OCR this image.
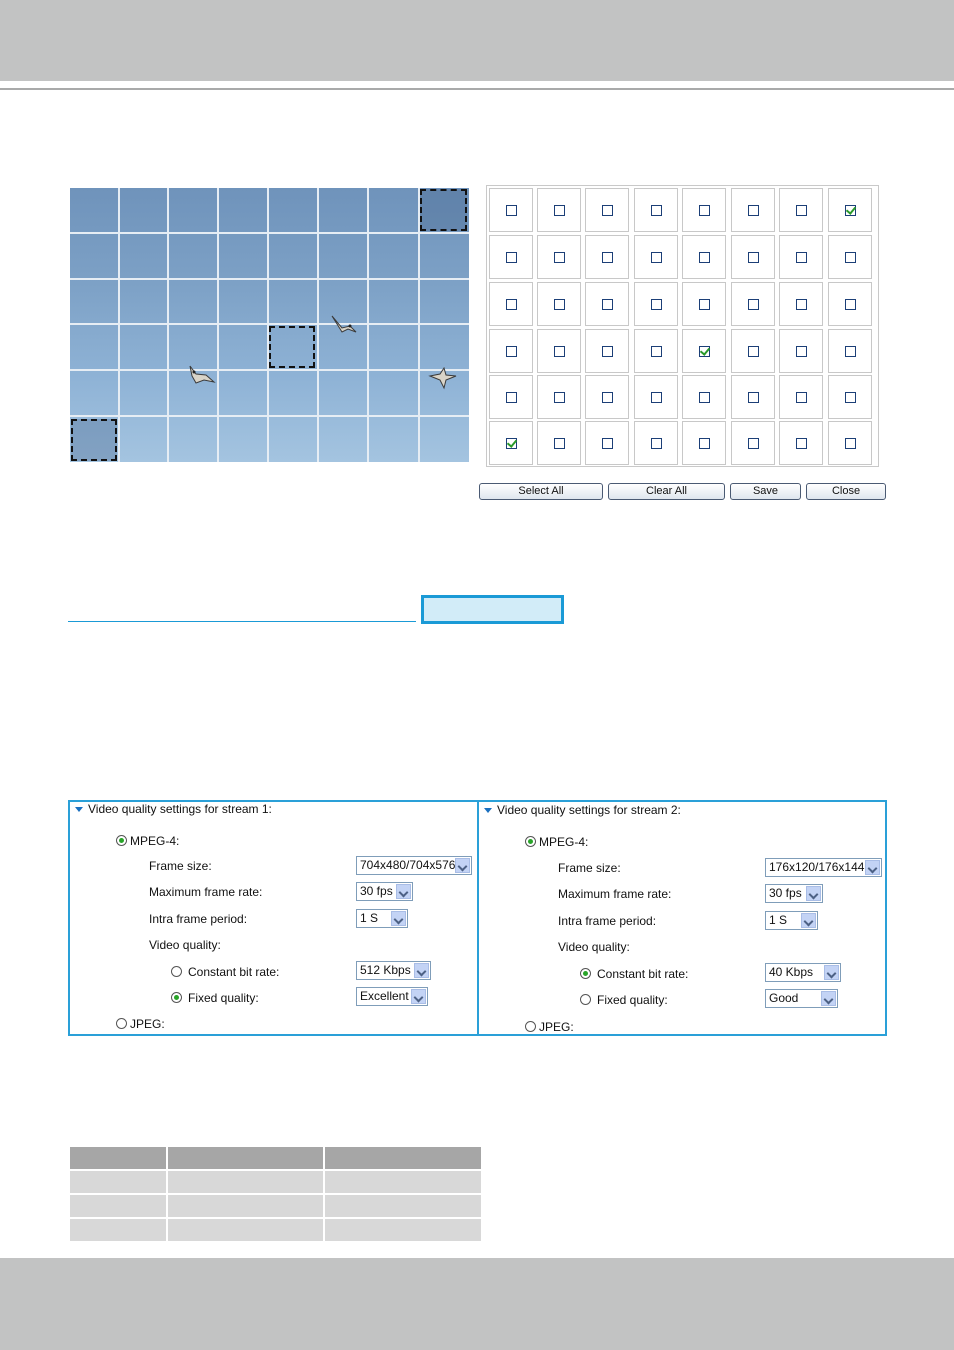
Select All	Clear All	Save	Close
Video quality settings for stream 1:
MPEG-4:
Frame size:	704x480/704x576
Maximum frame rate:	30 fps
Intra frame period:	1 S
Video quality:
Constant bit rate:	512 Kbps
Fixed quality:	Excellent
JPEG:
Video quality settings for stream 2:
MPEG-4:
Frame size:	176x120/176x144
Maximum frame rate:	30 fps
Intra frame period:	1 S
Video quality:
Constant bit rate:	40 Kbps
Fixed quality:	Good
JPEG:
